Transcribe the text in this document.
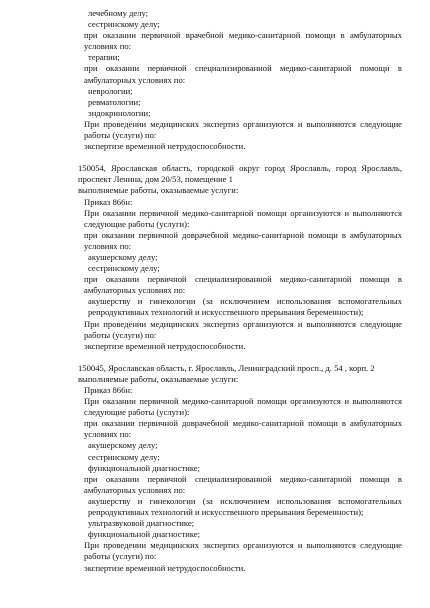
лечебному делу;
сестринскому делу;
при оказании первичной врачебной медико-санитарной помощи в амбулаторных условиях по:
терапии;
при оказании первичной специализированной медико-санитарной помощи в амбулаторных условиях по:
неврологии;
ревматологии;
эндокринологии;
При проведении медицинских экспертиз организуются и выполняются следующие работы (услуги) по:
экспертизе временной нетрудоспособности.
150054, Ярославская область, городской округ город Ярославль, город Ярославль, проспект Ленина, дом 20/53, помещение 1
выполняемые работы, оказываемые услуги:
Приказ 866н:
При оказании первичной медико-санитарной помощи организуются и выполняются следующие работы (услуги):
при оказании первичной доврачебной медико-санитарной помощи в амбулаторных условиях по:
акушерскому делу;
сестринскому делу;
при оказании первичной специализированной медико-санитарной помощи в амбулаторных условиях по:
акушерству и гинекологии (за исключением использования вспомогательных репродуктивных технологий и искусственного прерывания беременности);
При проведении медицинских экспертиз организуются и выполняются следующие работы (услуги) по:
экспертизе временной нетрудоспособности.
150045, Ярославская область, г. Ярославль, Ленинградский просп., д. 54 , корп. 2
выполняемые работы, оказываемые услуги:
Приказ 866н:
При оказании первичной медико-санитарной помощи организуются и выполняются следующие работы (услуги):
при оказании первичной доврачебной медико-санитарной помощи в амбулаторных условиях по:
акушерскому делу;
сестринскому делу;
функциональной диагностике;
при оказании первичной специализированной медико-санитарной помощи в амбулаторных условиях по:
акушерству и гинекологии (за исключением использования вспомогательных репродуктивных технологий и искусственного прерывания беременности);
ультразвуковой диагностике;
функциональной диагностике;
При проведении медицинских экспертиз организуются и выполняются следующие работы (услуги) по:
экспертизе временной нетрудоспособности.
